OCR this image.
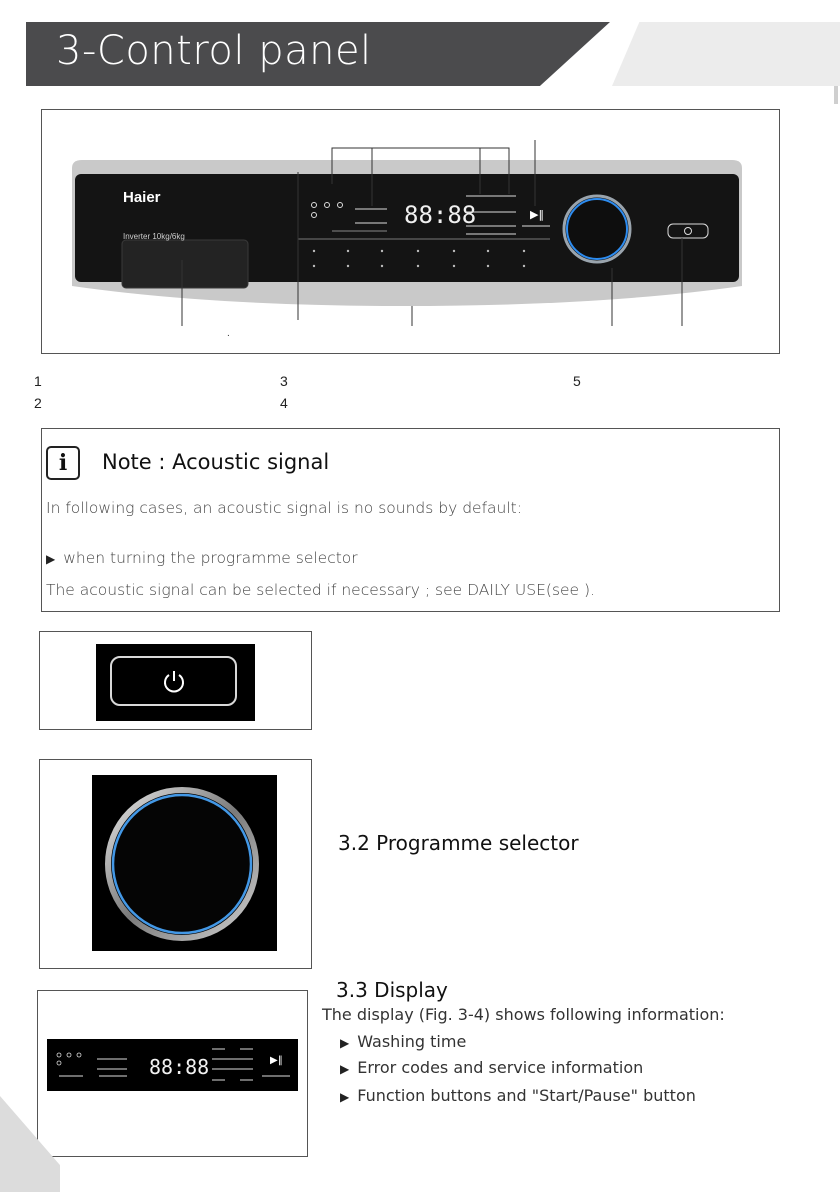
3-Control panel
Haier
Inverter 10kg/6kg
88:88	▶‖
.
1
2
3
4
5
i	Note : Acoustic signal
In following cases, an acoustic signal is no sounds by default:
▶ when turning the programme selector
The acoustic signal can be selected if necessary ; see DAILY USE(see ).
3.2 Programme selector
88:88	▶‖
3.3 Display
The display (Fig. 3-4) shows following information:
▶ Washing time
▶ Error codes and service information
▶ Function buttons and "Start/Pause" button
